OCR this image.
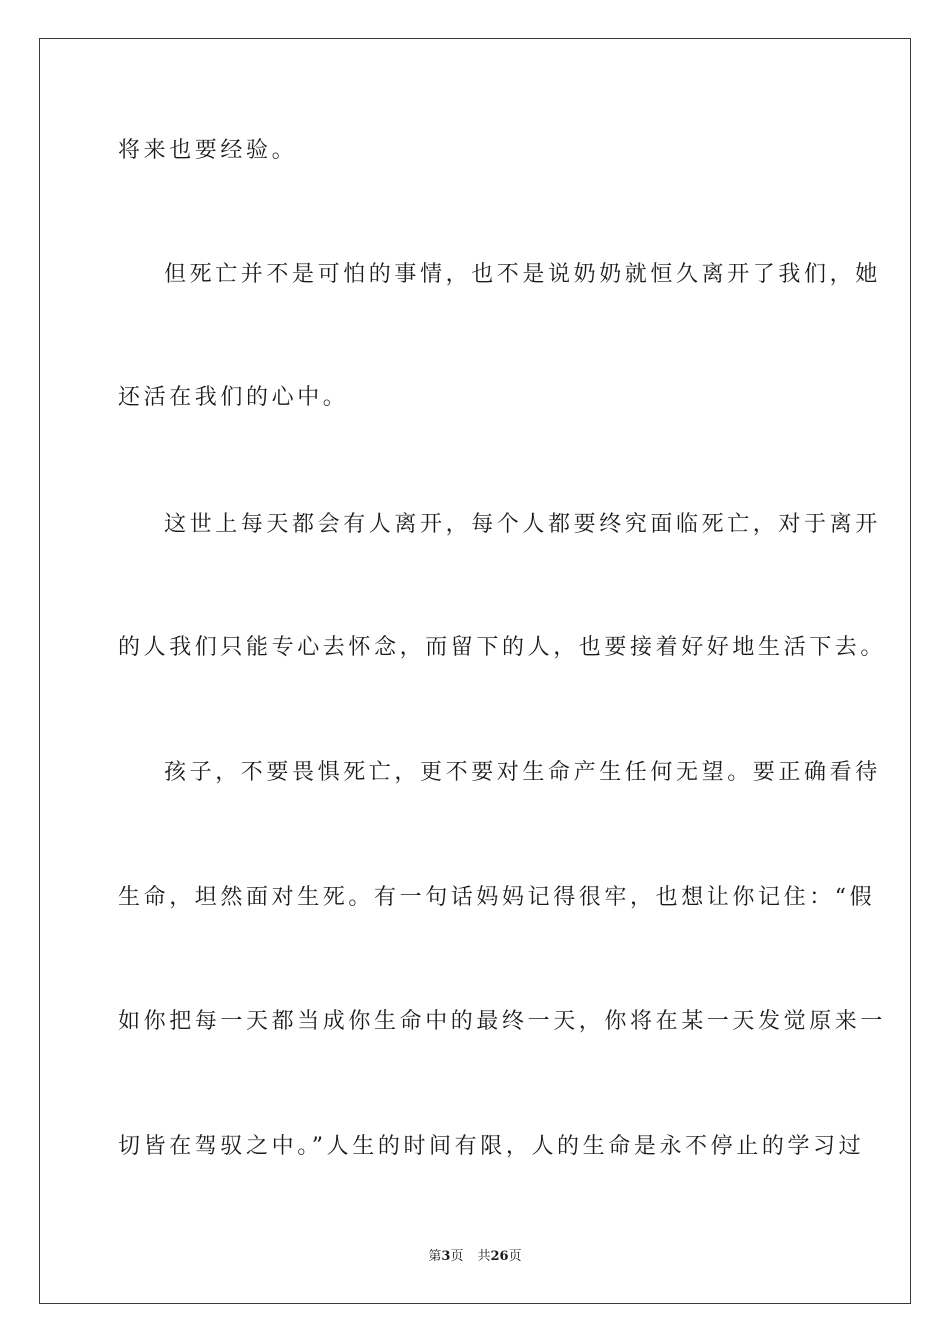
将来也要经验。
但死亡并不是可怕的事情，也不是说奶奶就恒久离开了我们，她
还活在我们的心中。
这世上每天都会有人离开，每个人都要终究面临死亡，对于离开
的人我们只能专心去怀念，而留下的人，也要接着好好地生活下去。
孩子，不要畏惧死亡，更不要对生命产生任何无望。要正确看待
生命，坦然面对生死。有一句话妈妈记得很牢，也想让你记住：“假
如你把每一天都当成你生命中的最终一天，你将在某一天发觉原来一
切皆在驾驭之中。”人生的时间有限，人的生命是永不停止的学习过
第3页 共26页
